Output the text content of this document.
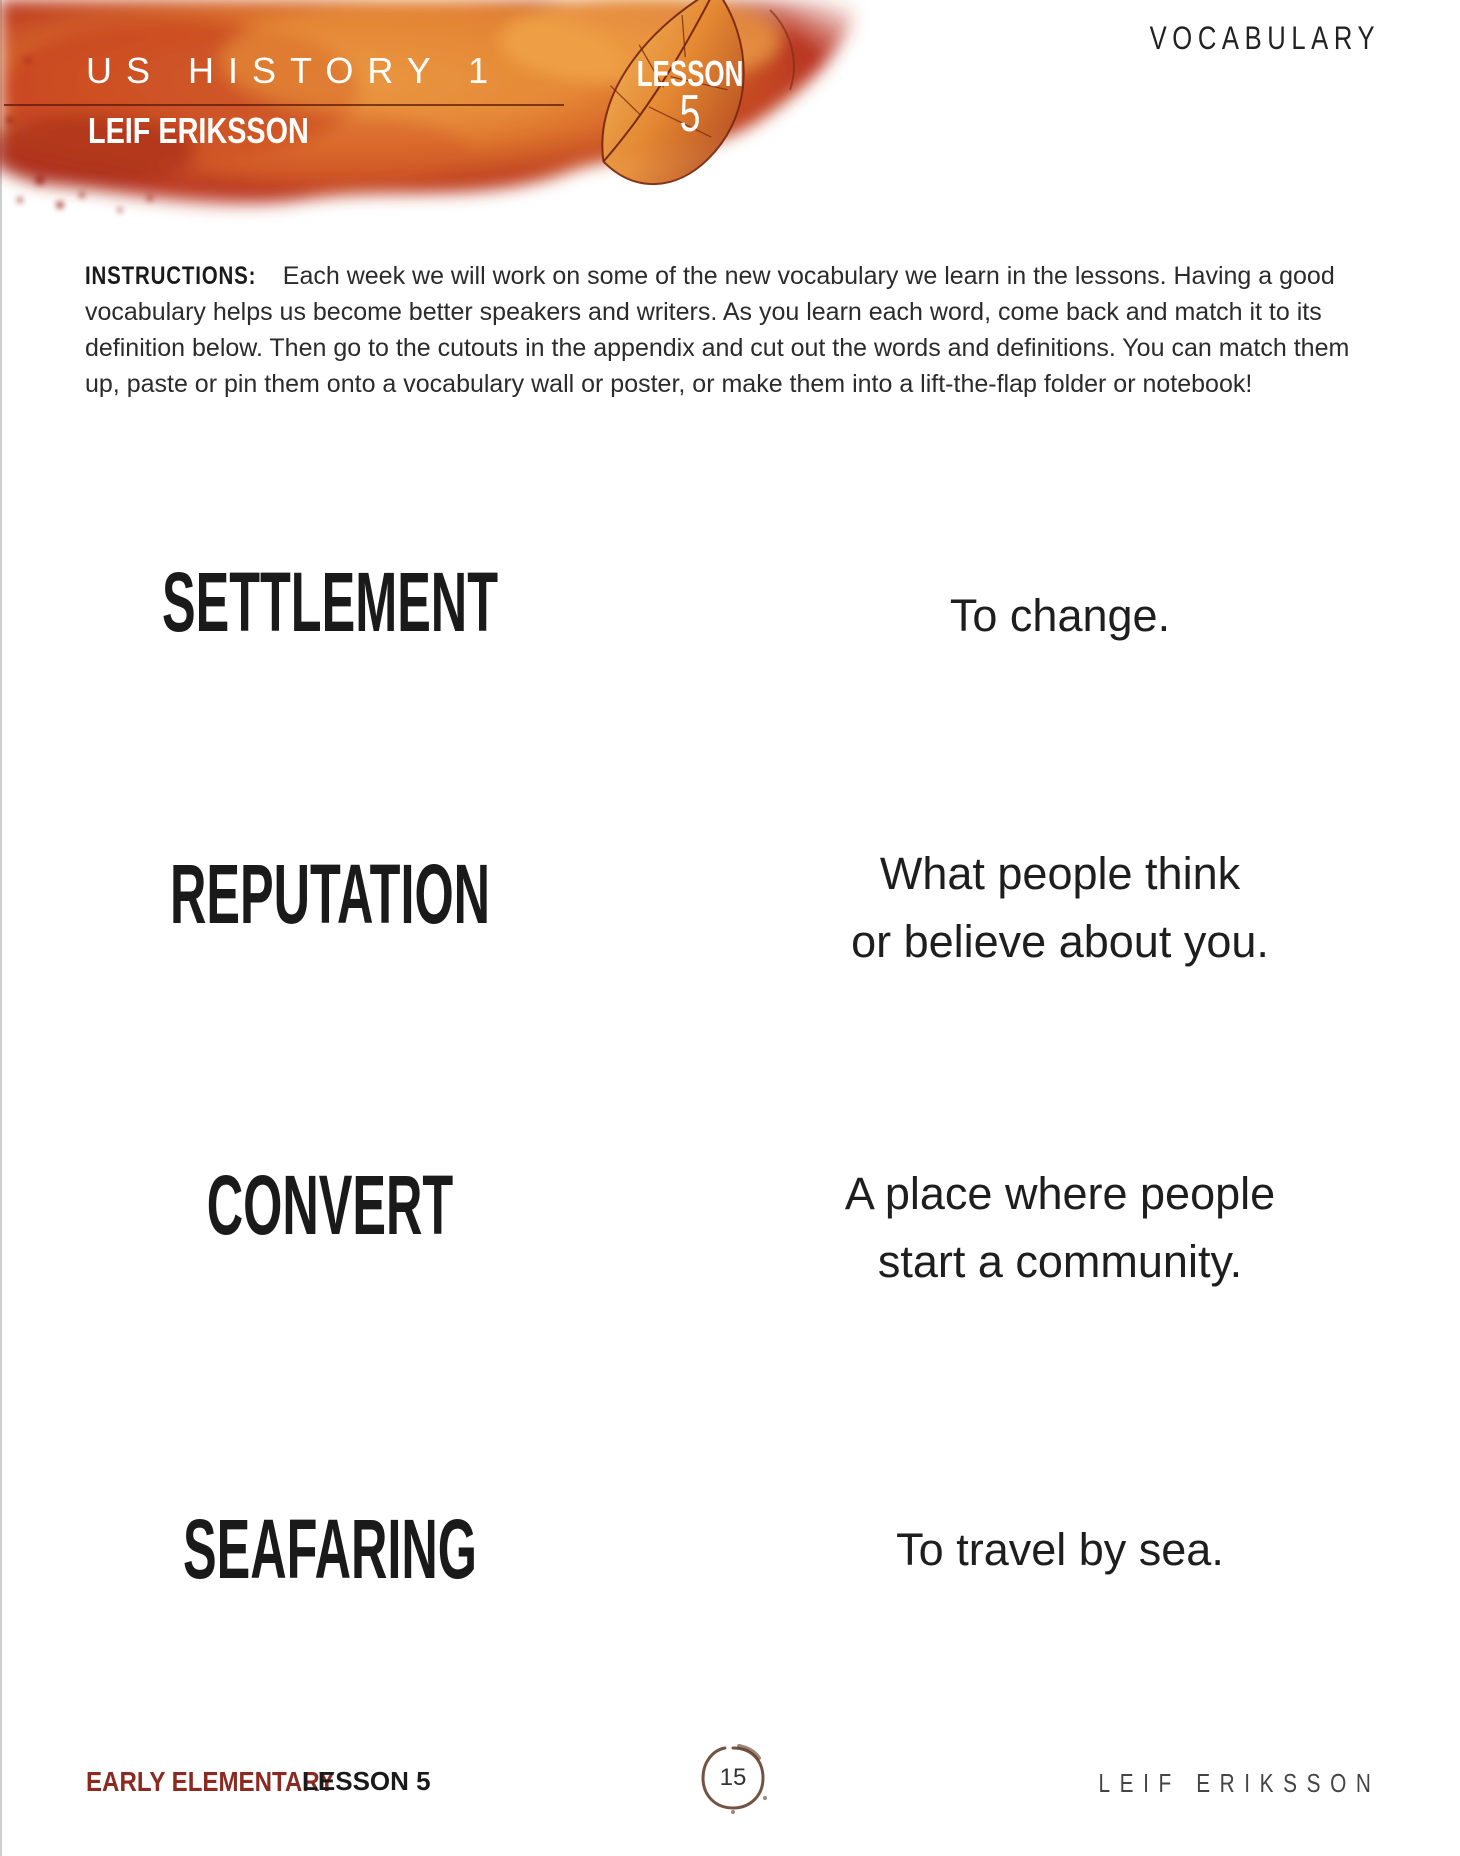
US HISTORY 1
LEIF ERIKSSON
LESSON
5
VOCABULARY

INSTRUCTIONS: Each week we will work on some of the new vocabulary we learn in the lessons. Having a good vocabulary helps us become better speakers and writers. As you learn each word, come back and match it to its definition below. Then go to the cutouts in the appendix and cut out the words and definitions. You can match them up, paste or pin them onto a vocabulary wall or poster, or make them into a lift-the-flap folder or notebook!

SETTLEMENT

REPUTATION

CONVERT

SEAFARING

To change.
What people think
or believe about you.
A place where people
start a community.
To travel by sea.

EARLY ELEMENTARY

LESSON 5	15	LEIF ERIKSSON
